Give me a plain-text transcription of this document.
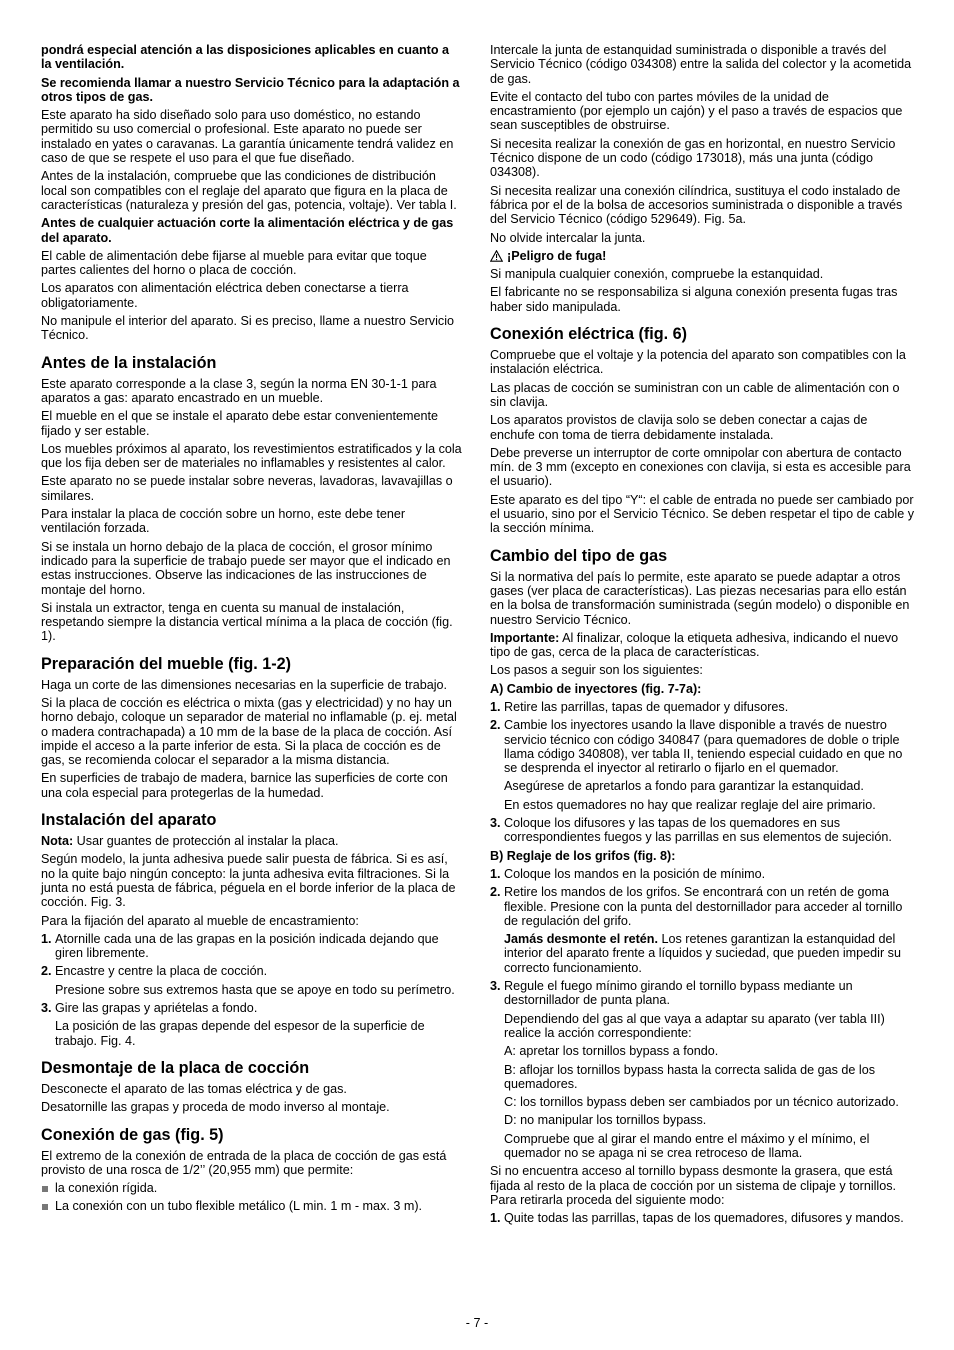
pondrá especial atención a las disposiciones aplicables en cuanto a la ventilación.

Se recomienda llamar a nuestro Servicio Técnico para la adaptación a otros tipos de gas.

Este aparato ha sido diseñado solo para uso doméstico, no estando permitido su uso comercial o profesional. Este aparato no puede ser instalado en yates o caravanas. La garantía únicamente tendrá validez en caso de que se respete el uso para el que fue diseñado.

Antes de la instalación, compruebe que las condiciones de distribución local son compatibles con el reglaje del aparato que figura en la placa de características (naturaleza y presión del gas, potencia, voltaje). Ver tabla I.

Antes de cualquier actuación corte la alimentación eléctrica y de gas del aparato.

El cable de alimentación debe fijarse al mueble para evitar que toque partes calientes del horno o placa de cocción.

Los aparatos con alimentación eléctrica deben conectarse a tierra obligatoriamente.

No manipule el interior del aparato. Si es preciso, llame a nuestro Servicio Técnico.

Antes de la instalación

Este aparato corresponde a la clase 3, según la norma EN 30-1-1 para aparatos a gas: aparato encastrado en un mueble.

El mueble en el que se instale el aparato debe estar convenientemente fijado y ser estable.

Los muebles próximos al aparato, los revestimientos estratificados y la cola que los fija deben ser de materiales no inflamables y resistentes al calor.

Este aparato no se puede instalar sobre neveras, lavadoras, lavavajillas o similares.

Para instalar la placa de cocción sobre un horno, este debe tener ventilación forzada.

Si se instala un horno debajo de la placa de cocción, el grosor mínimo indicado para la superficie de trabajo puede ser mayor que el indicado en estas instrucciones. Observe las indicaciones de las instrucciones de montaje del horno.

Si instala un extractor, tenga en cuenta su manual de instalación, respetando siempre la distancia vertical mínima a la placa de cocción (fig. 1).

Preparación del mueble (fig. 1-2)

Haga un corte de las dimensiones necesarias en la superficie de trabajo.

Si la placa de cocción es eléctrica o mixta (gas y electricidad) y no hay un horno debajo, coloque un separador de material no inflamable (p. ej. metal o madera contrachapada) a 10 mm de la base de la placa de cocción. Así impide el acceso a la parte inferior de esta. Si la placa de cocción es de gas, se recomienda colocar el separador a la misma distancia.

En superficies de trabajo de madera, barnice las superficies de corte con una cola especial para protegerlas de la humedad.

Instalación del aparato

Nota: Usar guantes de protección al instalar la placa.

Según modelo, la junta adhesiva puede salir puesta de fábrica. Si es así, no la quite bajo ningún concepto: la junta adhesiva evita filtraciones. Si la junta no está puesta de fábrica, péguela en el borde inferior de la placa de cocción. Fig. 3.

Para la fijación del aparato al mueble de encastramiento:

1. Atornille cada una de las grapas en la posición indicada dejando que giren libremente.
2. Encastre y centre la placa de cocción.

Presione sobre sus extremos hasta que se apoye en todo su perímetro.

3. Gire las grapas y apriételas a fondo.

La posición de las grapas depende del espesor de la superficie de trabajo. Fig. 4.

Desmontaje de la placa de cocción

Desconecte el aparato de las tomas eléctrica y de gas.

Desatornille las grapas y proceda de modo inverso al montaje.

Conexión de gas (fig. 5)

El extremo de la conexión de entrada de la placa de cocción de gas está provisto de una rosca de 1/2’’ (20,955 mm) que permite:

la conexión rígida.
La conexión con un tubo flexible metálico (L min. 1 m - max. 3 m).

Intercale la junta de estanquidad suministrada o disponible a través del Servicio Técnico (código 034308) entre la salida del colector y la acometida de gas.

Evite el contacto del tubo con partes móviles de la unidad de encastramiento (por ejemplo un cajón) y el paso a través de espacios que sean susceptibles de obstruirse.

Si necesita realizar la conexión de gas en horizontal, en nuestro Servicio Técnico dispone de un codo (código 173018), más una junta (código 034308).

Si necesita realizar una conexión cilíndrica, sustituya el codo instalado de fábrica por el de la bolsa de accesorios suministrada o disponible a través del Servicio Técnico (código 529649). Fig. 5a.

No olvide intercalar la junta.

¡Peligro de fuga!

Si manipula cualquier conexión, compruebe la estanquidad.

El fabricante no se responsabiliza si alguna conexión presenta fugas tras haber sido manipulada.

Conexión eléctrica (fig. 6)

Compruebe que el voltaje y la potencia del aparato son compatibles con la instalación eléctrica.

Las placas de cocción se suministran con un cable de alimentación con o sin clavija.

Los aparatos provistos de clavija solo se deben conectar a cajas de enchufe con toma de tierra debidamente instalada.

Debe preverse un interruptor de corte omnipolar con abertura de contacto mín. de 3 mm (excepto en conexiones con clavija, si esta es accesible para el usuario).

Este aparato es del tipo “Y“: el cable de entrada no puede ser cambiado por el usuario, sino por el Servicio Técnico. Se deben respetar el tipo de cable y la sección mínima.

Cambio del tipo de gas

Si la normativa del país lo permite, este aparato se puede adaptar a otros gases (ver placa de características). Las piezas necesarias para ello están en la bolsa de transformación suministrada (según modelo) o disponible en nuestro Servicio Técnico.

Importante: Al finalizar, coloque la etiqueta adhesiva, indicando el nuevo tipo de gas, cerca de la placa de características.

Los pasos a seguir son los siguientes:

A) Cambio de inyectores (fig. 7-7a):
1. Retire las parrillas, tapas de quemador y difusores.
2. Cambie los inyectores usando la llave disponible a través de nuestro servicio técnico con código 340847 (para quemadores de doble o triple llama código 340808), ver tabla II, teniendo especial cuidado en que no se desprenda el inyector al retirarlo o fijarlo en el quemador.

Asegúrese de apretarlos a fondo para garantizar la estanquidad.

En estos quemadores no hay que realizar reglaje del aire primario.

3. Coloque los difusores y las tapas de los quemadores en sus correspondientes fuegos y las parrillas en sus elementos de sujeción.
B) Reglaje de los grifos (fig. 8):
1. Coloque los mandos en la posición de mínimo.
2. Retire los mandos de los grifos. Se encontrará con un retén de goma flexible. Presione con la punta del destornillador para acceder al tornillo de regulación del grifo.

Jamás desmonte el retén. Los retenes garantizan la estanquidad del interior del aparato frente a líquidos y suciedad, que pueden impedir su correcto funcionamiento.

3. Regule el fuego mínimo girando el tornillo bypass mediante un destornillador de punta plana.

Dependiendo del gas al que vaya a adaptar su aparato (ver tabla III) realice la acción correspondiente:

A: apretar los tornillos bypass a fondo.

B: aflojar los tornillos bypass hasta la correcta salida de gas de los quemadores.

C: los tornillos bypass deben ser cambiados por un técnico autorizado.

D: no manipular los tornillos bypass.

Compruebe que al girar el mando entre el máximo y el mínimo, el quemador no se apaga ni se crea retroceso de llama.

Si no encuentra acceso al tornillo bypass desmonte la grasera, que está fijada al resto de la placa de cocción por un sistema de clipaje y tornillos. Para retirarla proceda del siguiente modo:

1. Quite todas las parrillas, tapas de los quemadores, difusores y mandos.
- 7 -
